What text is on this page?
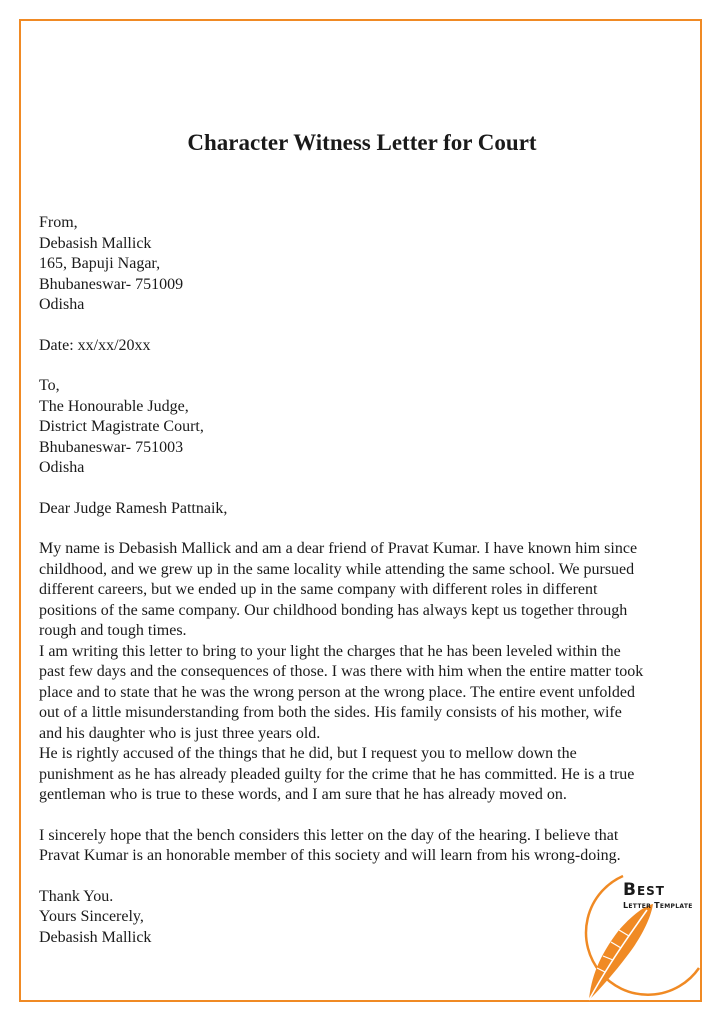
Character Witness Letter for Court
From,
Debasish Mallick
165, Bapuji Nagar,
Bhubaneswar- 751009
Odisha
Date: xx/xx/20xx
To,
The Honourable Judge,
District Magistrate Court,
Bhubaneswar- 751003
Odisha
Dear Judge Ramesh Pattnaik,
My name is Debasish Mallick and am a dear friend of Pravat Kumar. I have known him since
childhood, and we grew up in the same locality while attending the same school. We pursued
different careers, but we ended up in the same company with different roles in different
positions of the same company. Our childhood bonding has always kept us together through
rough and tough times.
I am writing this letter to bring to your light the charges that he has been leveled within the
past few days and the consequences of those. I was there with him when the entire matter took
place and to state that he was the wrong person at the wrong place. The entire event unfolded
out of a little misunderstanding from both the sides. His family consists of his mother, wife
and his daughter who is just three years old.
He is rightly accused of the things that he did, but I request you to mellow down the
punishment as he has already pleaded guilty for the crime that he has committed. He is a true
gentleman who is true to these words, and I am sure that he has already moved on.
I sincerely hope that the bench considers this letter on the day of the hearing. I believe that
Pravat Kumar is an honorable member of this society and will learn from his wrong-doing.
Thank You.
Yours Sincerely,
Debasish Mallick
Best
Letter Template
